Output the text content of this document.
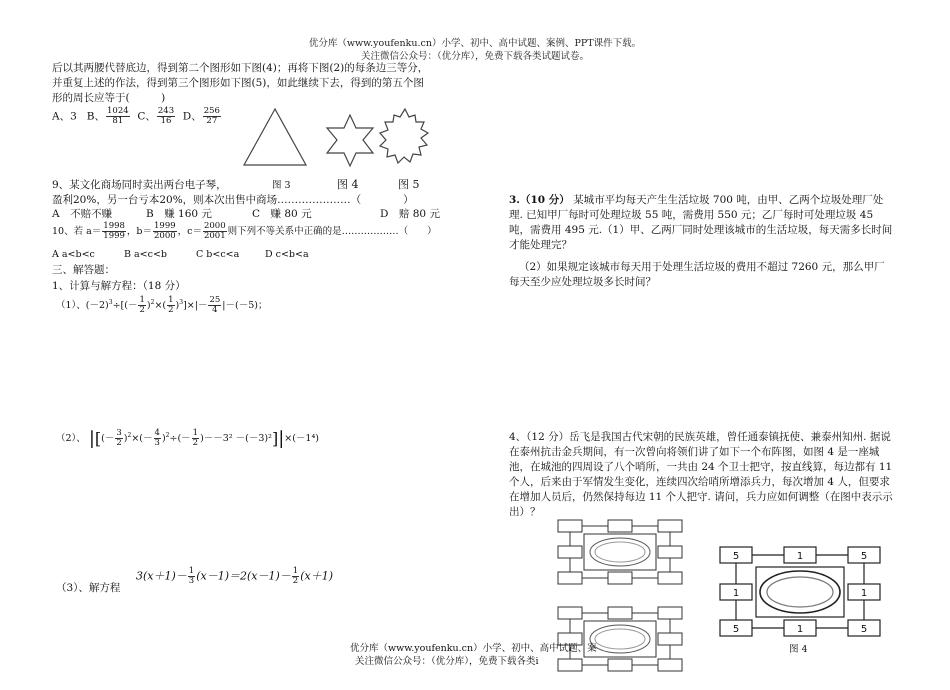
优分库（www.youfenku.cn）小学、初中、高中试题、案例、PPT课件下载。
关注微信公众号：（优分库），免费下载各类试题试卷。
后以其两腰代替底边，得到第二个图形如下图(4)；再将下图(2)的每条边三等分，
并重复上述的作法，得到第三个图形如下图(5)，如此继续下去，得到的第五个图
形的周长应等于(　　　)
A、3 B、 $\frac{1024}{81}$ C、 $\frac{243}{16}$ D、 $\frac{256}{27}$
图 3	图 4	图 5
9、某文化商场同时卖出两台电子琴，
盈利20%，另一台亏本20%，则本次出售中商场…………………（　　　　）
A　不赔不赚	B　赚 160 元	C　赚 80 元	D　赔 80 元
10、若 $a= \frac{1998}{1999}$ ，$b= \frac{1999}{2000}$ ，$c= \frac{2000}{2001}$ 则下列不等关系中正确的是………………（　　）
A a<b<c	B a<c<b	C b<c<a	D c<b<a
三、解答题：
1、计算与解方程：（18 分）
（1）、$(-2)^3\div[(- \frac{1}{2} )^2\times( \frac{1}{2} )^3]\times|- \frac{25}{4} |-(-5)$；
（2）、 |[(－ $\frac{3}{2} )^2\times(- \frac{4}{3} )^2\div(- \frac{1}{2} )--3^2 -(-3)^2]|\times(-1^4)$
（3）、解方程
$3(x+1)- \frac{1}{3} (x-1)=2(x-1)- \frac{1}{2} (x+1)$
3.（10 分） 某城市平均每天产生生活垃圾 700 吨，由甲、乙两个垃圾处理厂处理. 已知甲厂每时可处理垃圾 55 吨，需费用 550 元；乙厂每时可处理垃圾 45 吨，需费用 495 元.（1）甲、乙两厂同时处理该城市的生活垃圾，每天需多长时间才能处理完？
（2）如果规定该城市每天用于处理生活垃圾的费用不超过 7260 元，那么甲厂每天至少应处理垃圾多长时间？
4、（12 分）岳飞是我国古代宋朝的民族英雄，曾任通泰镇抚使、兼泰州知州. 据说在泰州抗击金兵期间，有一次曾向将领们讲了如下一个布阵图，如图 4 是一座城池，在城池的四周设了八个哨所，一共由 24 个卫士把守，按直线算，每边都有 11 个人，后来由于军情发生变化，连续四次给哨所增添兵力，每次增加 4 人，但要求在增加人员后，仍然保持每边 11 个人把守. 请问，兵力应如何调整（在图中表示示出）？
5	1	5
1	1
5	1	5
图 4
优分库（www.youfenku.cn）小学、初中、高中试题、案
关注微信公众号：（优分库），免费下载各类i
